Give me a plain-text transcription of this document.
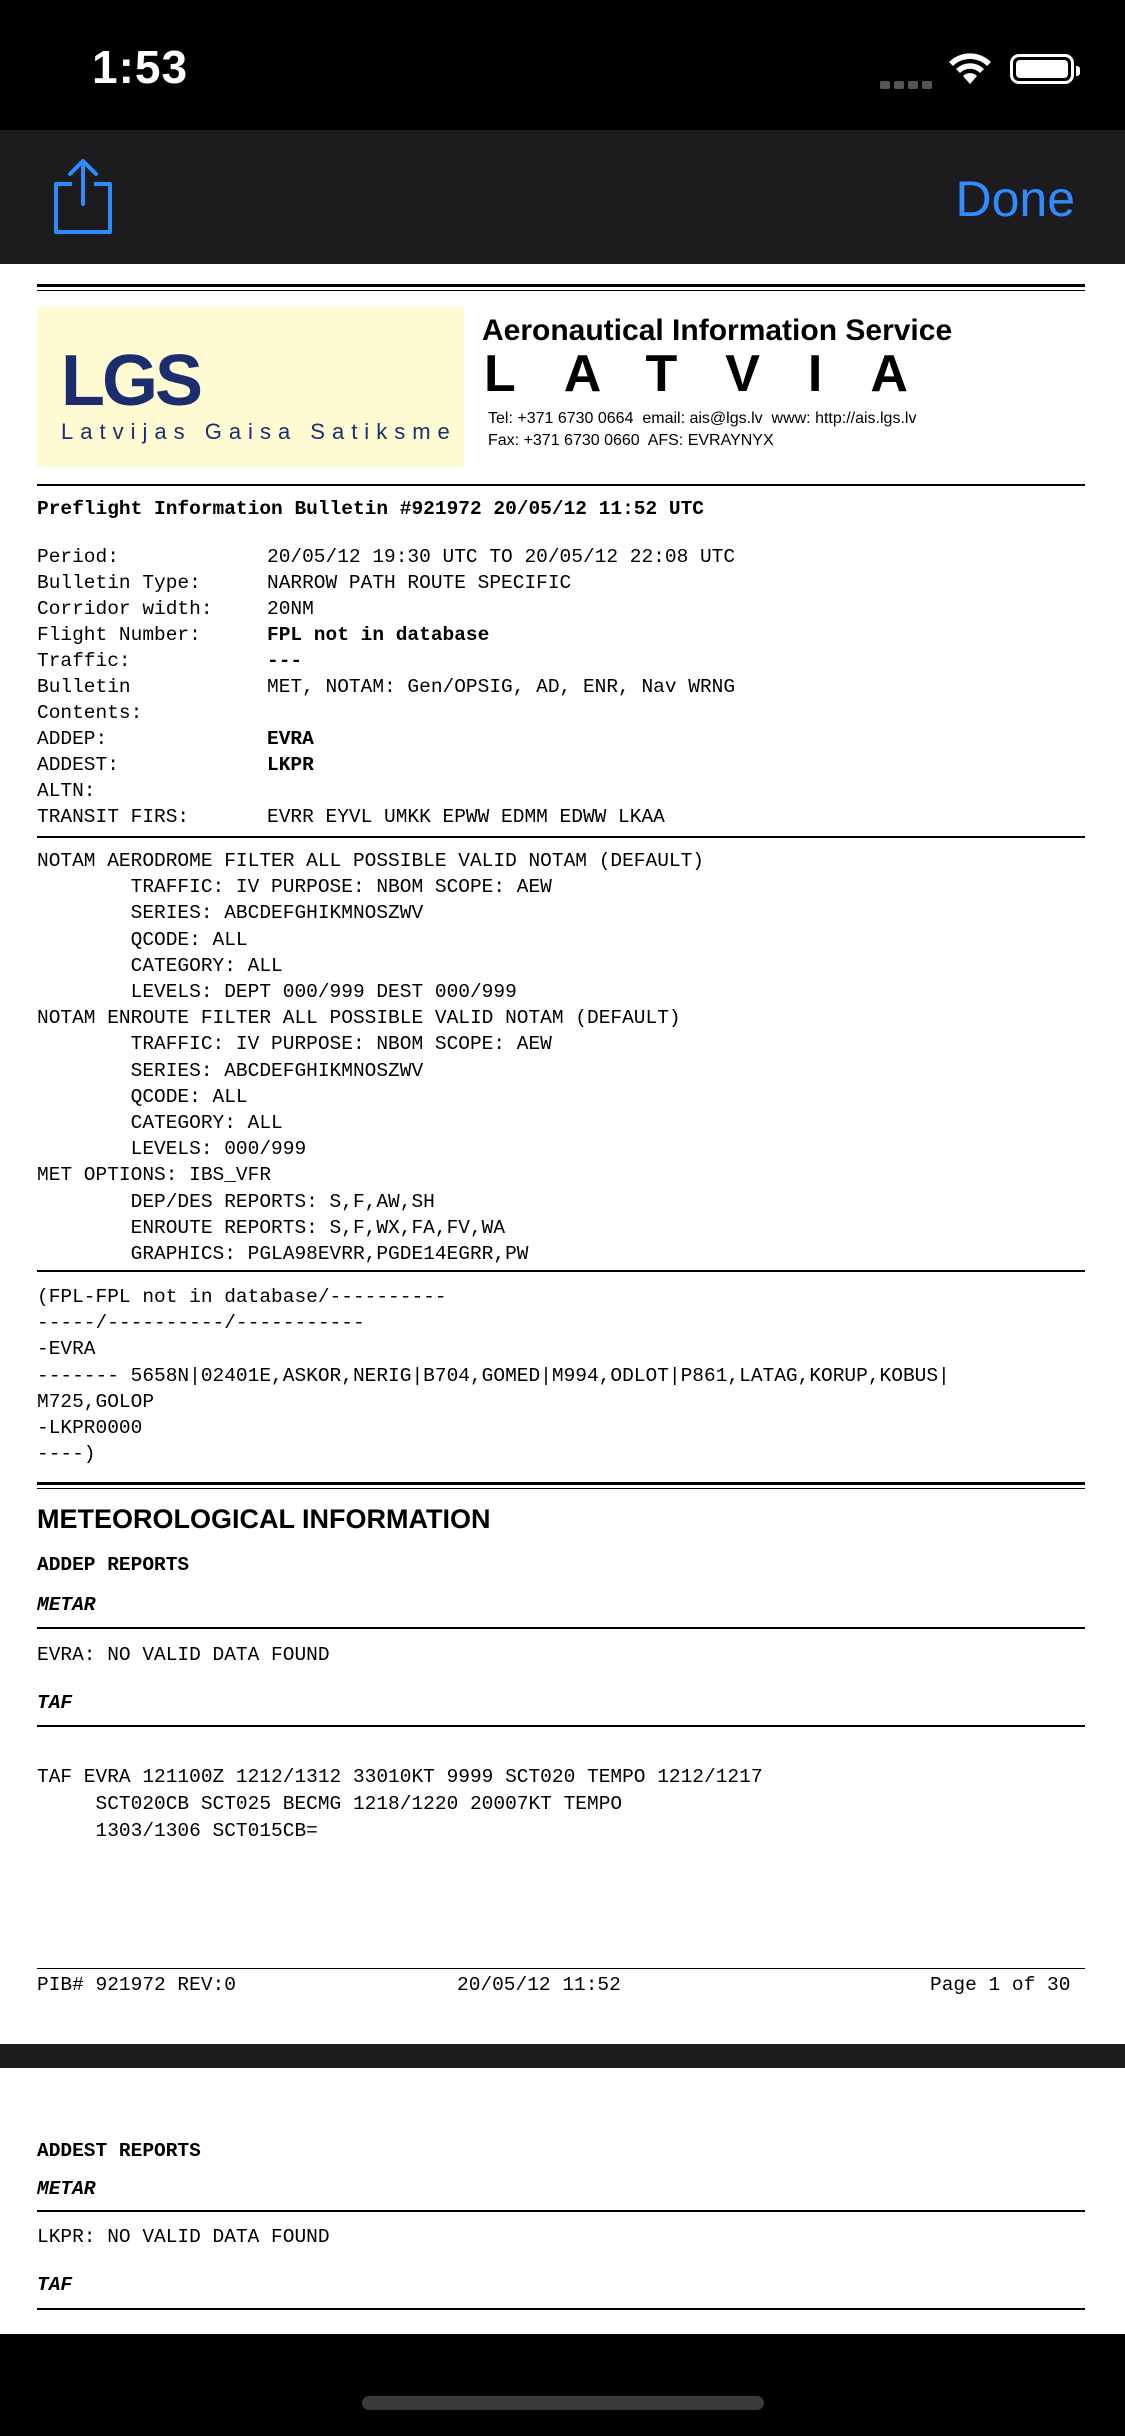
1:53
Done
LGS
Latvijas Gaisa Satiksme
Aeronautical Information Service
LATVIA
Tel: +371 6730 0664  email: ais@lgs.lv  www: http://ais.lgs.lv
Fax: +371 6730 0660  AFS: EVRAYNYX
Preflight Information Bulletin #921972 20/05/12 11:52 UTC
Period:	20/05/12 19:30 UTC TO 20/05/12 22:08 UTC
Bulletin Type:	NARROW PATH ROUTE SPECIFIC
Corridor width:	20NM
Flight Number:	FPL not in database
Traffic:	---
Bulletin	MET, NOTAM: Gen/OPSIG, AD, ENR, Nav WRNG
Contents:
ADDEP:	EVRA
ADDEST:	LKPR
ALTN:
TRANSIT FIRS:	EVRR EYVL UMKK EPWW EDMM EDWW LKAA
NOTAM AERODROME FILTER ALL POSSIBLE VALID NOTAM (DEFAULT)
TRAFFIC: IV PURPOSE: NBOM SCOPE: AEW
SERIES: ABCDEFGHIKMNOSZWV
QCODE: ALL
CATEGORY: ALL
LEVELS: DEPT 000/999 DEST 000/999
NOTAM ENROUTE FILTER ALL POSSIBLE VALID NOTAM (DEFAULT)
TRAFFIC: IV PURPOSE: NBOM SCOPE: AEW
SERIES: ABCDEFGHIKMNOSZWV
QCODE: ALL
CATEGORY: ALL
LEVELS: 000/999
MET OPTIONS: IBS_VFR
DEP/DES REPORTS: S,F,AW,SH
ENROUTE REPORTS: S,F,WX,FA,FV,WA
GRAPHICS: PGLA98EVRR,PGDE14EGRR,PW
(FPL-FPL not in database/----------
-----/----------/-----------
-EVRA
------- 5658N|02401E,ASKOR,NERIG|B704,GOMED|M994,ODLOT|P861,LATAG,KORUP,KOBUS|
M725,GOLOP
-LKPR0000
----)
METEOROLOGICAL INFORMATION
ADDEP REPORTS
METAR
EVRA: NO VALID DATA FOUND
TAF
TAF EVRA 121100Z 1212/1312 33010KT 9999 SCT020 TEMPO 1212/1217
SCT020CB SCT025 BECMG 1218/1220 20007KT TEMPO
1303/1306 SCT015CB=
PIB# 921972 REV:0	20/05/12 11:52	Page 1 of 30
ADDEST REPORTS
METAR
LKPR: NO VALID DATA FOUND
TAF
